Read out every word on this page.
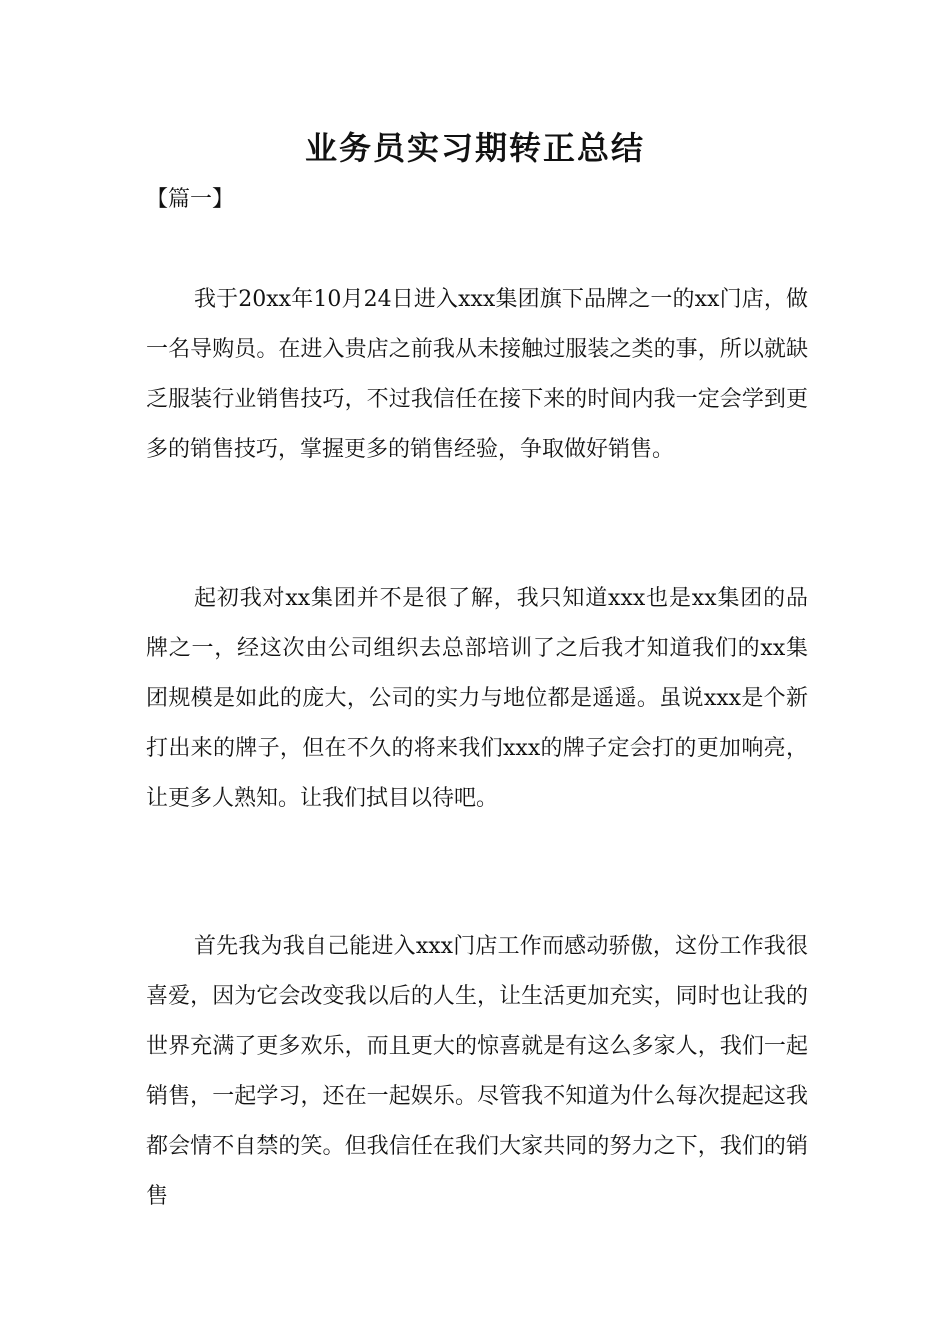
业务员实习期转正总结

【篇一】

我于20xx年10月24日进入xxx集团旗下品牌之一的xx门店，做一名导购员。在进入贵店之前我从未接触过服装之类的事，所以就缺乏服装行业销售技巧，不过我信任在接下来的时间内我一定会学到更多的销售技巧，掌握更多的销售经验，争取做好销售。

起初我对xx集团并不是很了解，我只知道xxx也是xx集团的品牌之一，经这次由公司组织去总部培训了之后我才知道我们的xx集团规模是如此的庞大，公司的实力与地位都是遥遥。虽说xxx是个新打出来的牌子，但在不久的将来我们xxx的牌子定会打的更加响亮，让更多人熟知。让我们拭目以待吧。

首先我为我自己能进入xxx门店工作而感动骄傲，这份工作我很喜爱，因为它会改变我以后的人生，让生活更加充实，同时也让我的世界充满了更多欢乐，而且更大的惊喜就是有这么多家人，我们一起销售，一起学习，还在一起娱乐。尽管我不知道为什么每次提起这我都会情不自禁的笑。但我信任在我们大家共同的努力之下，我们的销售
